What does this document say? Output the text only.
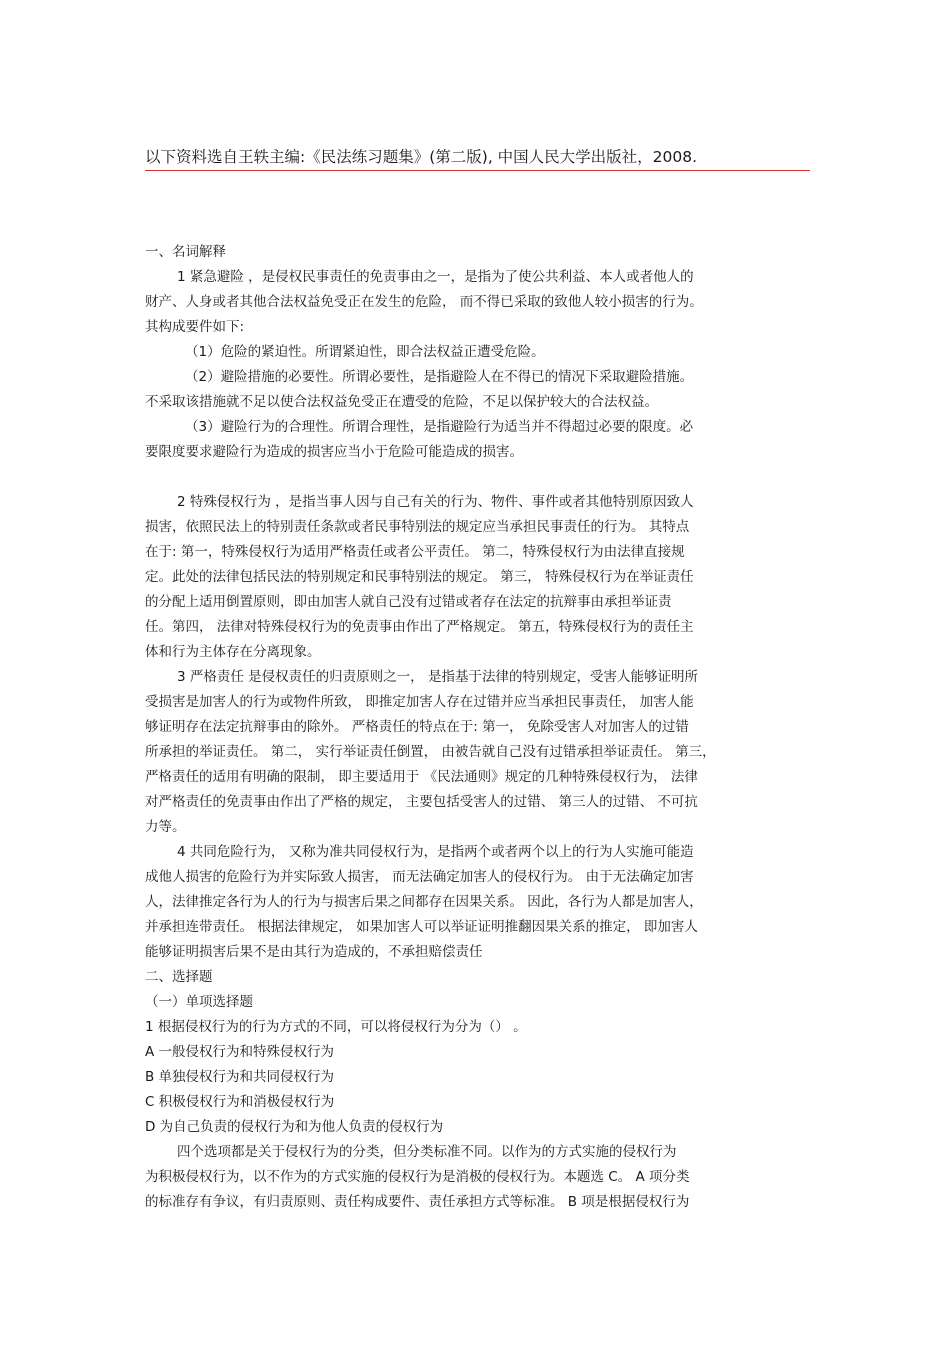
以下资料选自王轶主编:《民法练习题集》(第二版), 中国人民大学出版社，2008.
一、名词解释
1 紧急避险 ，是侵权民事责任的免责事由之一，是指为了使公共利益、本人或者他人的
财产、人身或者其他合法权益免受正在发生的危险， 而不得已采取的致他人较小损害的行为。
其构成要件如下:
（1）危险的紧迫性。所谓紧迫性，即合法权益正遭受危险。
（2）避险措施的必要性。所谓必要性，是指避险人在不得已的情况下采取避险措施。
不采取该措施就不足以使合法权益免受正在遭受的危险，不足以保护较大的合法权益。
（3）避险行为的合理性。所谓合理性，是指避险行为适当并不得超过必要的限度。必
要限度要求避险行为造成的损害应当小于危险可能造成的损害。
2 特殊侵权行为 ，是指当事人因与自己有关的行为、物件、事件或者其他特别原因致人
损害，依照民法上的特别责任条款或者民事特别法的规定应当承担民事责任的行为。 其特点
在于: 第一，特殊侵权行为适用严格责任或者公平责任。 第二，特殊侵权行为由法律直接规
定。此处的法律包括民法的特别规定和民事特别法的规定。 第三， 特殊侵权行为在举证责任
的分配上适用倒置原则，即由加害人就自己没有过错或者存在法定的抗辩事由承担举证责
任。第四， 法律对特殊侵权行为的免责事由作出了严格规定。 第五，特殊侵权行为的责任主
体和行为主体存在分离现象。
3 严格责任 是侵权责任的归责原则之一， 是指基于法律的特别规定，受害人能够证明所
受损害是加害人的行为或物件所致， 即推定加害人存在过错并应当承担民事责任， 加害人能
够证明存在法定抗辩事由的除外。 严格责任的特点在于: 第一， 免除受害人对加害人的过错
所承担的举证责任。 第二， 实行举证责任倒置， 由被告就自己没有过错承担举证责任。 第三，
严格责任的适用有明确的限制， 即主要适用于 《民法通则》规定的几种特殊侵权行为， 法律
对严格责任的免责事由作出了严格的规定， 主要包括受害人的过错、 第三人的过错、 不可抗
力等。
4 共同危险行为， 又称为准共同侵权行为，是指两个或者两个以上的行为人实施可能造
成他人损害的危险行为并实际致人损害， 而无法确定加害人的侵权行为。 由于无法确定加害
人，法律推定各行为人的行为与损害后果之间都存在因果关系。 因此，各行为人都是加害人，
并承担连带责任。 根据法律规定， 如果加害人可以举证证明推翻因果关系的推定， 即加害人
能够证明损害后果不是由其行为造成的，不承担赔偿责任
二、选择题
（一）单项选择题
1 根据侵权行为的行为方式的不同，可以将侵权行为分为（） 。
A 一般侵权行为和特殊侵权行为
B 单独侵权行为和共同侵权行为
C 积极侵权行为和消极侵权行为
D 为自己负责的侵权行为和为他人负责的侵权行为
四个选项都是关于侵权行为的分类，但分类标准不同。以作为的方式实施的侵权行为
为积极侵权行为，以不作为的方式实施的侵权行为是消极的侵权行为。本题选 C。 A 项分类
的标准存有争议，有归责原则、责任构成要件、责任承担方式等标准。 B 项是根据侵权行为
